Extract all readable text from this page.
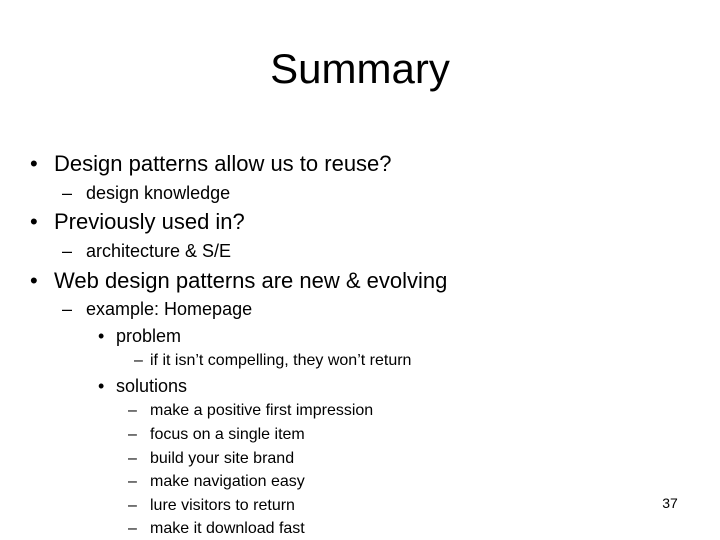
Summary
• Design patterns allow us to reuse?
– design knowledge
• Previously used in?
– architecture & S/E
• Web design patterns are new & evolving
– example: Homepage
• problem
– if it isn’t compelling, they won’t return
• solutions
– make a positive first impression
– focus on a single item
– build your site brand
– make navigation easy
– lure visitors to return
– make it download fast
37
